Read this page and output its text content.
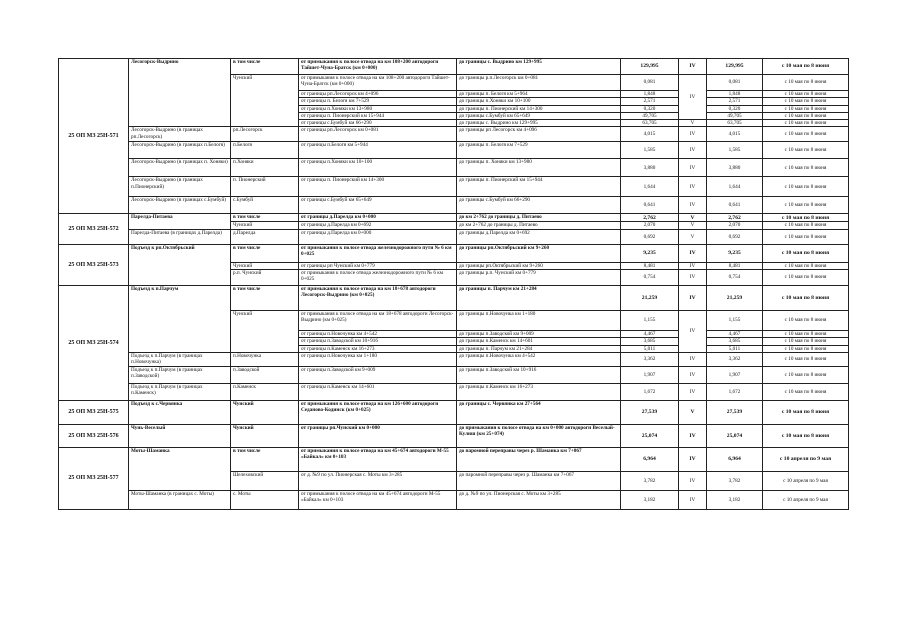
25 ОП МЗ 25Н-571	Лесогорск-Выдрино	в том числе	от примыкания к полосе отвода на км 108+200 автодороги Тайшет-Чуна-Братск (км 0+000)	до границы с. Выдрино км 129+995	129,995	IV	129,995	с 10 мая по 8 июня
		Чунский	от примыкания к полосе отвода на км 108+200 автодороги Тайшет-Чуна-Братск (км 0+000)	до границы р.п.Лесогорск км 0+081	0,081	IV	0,081	с 10 мая по 8 июня
			от границы рп.Лесогорск км 4+096	до границы п. Белогя км 5+964	1,848		1,848	с 10 мая по 8 июня
			от границы п. Белогя км 7+529	до границы п.Хоняки км 10+100	2,571		2,571	с 10 мая по 8 июня
			от границы п.Хоняки км 13+980	до границы п. Пионерский км 14+300	0,320		0,320	с 10 мая по 8 июня
			от границы п. Пионерский км 15+944	до границы с.Бумбуй км 65+649	49,705		49,705	с 10 мая по 8 июня
			от границы с.Бумбуй км 66+290	до границы с. Выдрино км 129+995	63,705	V	63,705	с 10 мая по 8 июня
	Лесогорск-Выдрино (в границах рп.Лесогорск)	рп.Лесогорск	от границы рп.Лесогорск км 0+081	до границы рп Лесогорск км 4+096	4,015	IV	4,015	с 10 мая по 8 июня
	Лесогорск-Выдрино (в границах п.Белогя)	п.Белогя	от границы п.Белогя км 5+944	до границы п. Белогя км 7+529	1,585	IV	1,585	с 10 мая по 8 июня
	Лесогорск-Выдрино (в границах п. Хоняки)	п.Хоняки	от границы п.Хоняки км 10+100	до границы п. Хоняки км 13+980	3,880	IV	3,880	с 10 мая по 8 июня
	Лесогорск-Выдрино (в границах п.Пионерский)	п. Пионерский	от границы п. Пионерский км 14+300	до границы п. Пионерский км 15+944	1,644	IV	1,644	с 10 мая по 8 июня
	Лесогорск-Выдрино (в границах с.Бумбуй)	с.Бумбуй	от границы с.Бумбуй км 65+649	до границы с.Бумбуй км 66+290	0,641	IV	0,641	с 10 мая по 8 июня
25 ОП МЗ 25Н-572	Парелда-Питаева	в том числе	от границы д.Парелда км 0+000	до км 2+762 до границы д. Питаево	2,762	V	2,762	с 10 мая по 8 июня
		Чунский	от границы д.Парелда км 0+692	до км 2+762 до границы д. Питаево	2,070	V	2,070	с 10 мая по 8 июня
	Парелда-Питаева (в границах д.Парелда)	д.Парелда	от границы д.Парелда км 0+000	до границы д.Парелда км 0+692	0,692	V	0,692	с 10 мая по 8 июня
25 ОП МЗ 25Н-573	Подъезд к рп.Октябрьский	в том числе	от примыкания к полосе отвода железнодорожного пути № 6 км 0+025	до границы рп.Октябрьский км 9+260	9,235	IV	9,235	с 10 мая по 8 июня
		Чунский	от границы рп Чунский км 0+779	до границы рп.Октябрьский км 9+260	8,481	IV	8,481	с 10 мая по 8 июня
		р.п. Чунский	от примыкания к полосе отвода железнодорожного пути № 6 км 0+025	до границы р.п. Чунский км 0+779	0,754	IV	0,754	с 10 мая по 8 июня
25 ОП МЗ 25Н-574	Подъезд к п.Парчум	в том числе	от примыкания к полосе отвода на км 18+678 автодороги Лесогорск-Выдрино (км 0+025)	до границы п. Парчум км 21+284	21,259	IV	21,259	с 10 мая по 8 июня
		Чунский	от примыкания к полосе отвода на км 18+678 автодороги Лесогорск-Выдрино (км 0+025)	до границы п.Новочунка км 1+180	1,155	IV	1,155	с 10 мая по 8 июня
			от границы п.Новочунка км 4+542	до границы п.Заводской км 9+009	4,467		4,467	с 10 мая по 8 июня
			от границы п.Заводской км 10+916	до границы п.Каменск км 14+601	3,685		3,685	с 10 мая по 8 июня
			от границы п.Каменск км 16+273	до границы п. Парчум км 21+284	5,011		5,011	с 10 мая по 8 июня
	Подъезд к п.Парчум (в границах п.Новочунка)	п.Новочунка	от границы п.Новочунка км 1+180	до границы п.Новочунка км 4+542	3,362	IV	3,362	с 10 мая по 8 июня
	Подъезд к п.Парчум (в границах п.Заводской)	п.Заводской	от границы п.Заводской км 9+009	до границы п.Заводской км 10+916	1,907	IV	1,907	с 10 мая по 8 июня
	Подъезд к п.Парчум (в границах п.Каменск)	п.Каменск	от границы п.Каменск км 14+601	до границы п.Каменск км 16+273	1,672	IV	1,672	с 10 мая по 8 июня
25 ОП МЗ 25Н-575	Подъезд к с.Червянка	Чунский	от примыкания к полосе отвода на км 126+600 автодороги Седаново-Кодинск (км 0+025)	до границы с. Червянка км 27+564	27,539	V	27,539	с 10 мая по 8 июня
25 ОП МЗ 25Н-576	Чунь-Веселый	Чунский	от границы рп.Чунский км 0+000	до примыкания к полосе отвода на км 0+000 автодороги Веселый-Кулиш (км 25+074)	25,074	IV	25,074	с 10 мая по 8 июня
25 ОП МЗ 25Н-577	Моты-Шаманка	в том числе	от примыкания к полосе отвода на км 45+674 автодороги М-55 «Байкал» км 0+103	до паромной переправы через р. Шаманка км 7+067	6,964	IV	6,964	с 10 апреля по 9 мая
		Шелеховский	от д. №9 по ул. Пионерская с. Моты км 3+285	до паромной переправы через р. Шаманка км 7+067	3,782	IV	3,782	с 10 апреля по 9 мая
	Моты-Шаманка (в границах с. Моты)	с. Моты	от примыкания к полосе отвода на км 45+674 автодороги М-55 «Байкал» км 0+103	до д. №9 по ул. Пионерская с. Моты км 3+285	3,182	IV	3,182	с 10 апреля по 9 мая
